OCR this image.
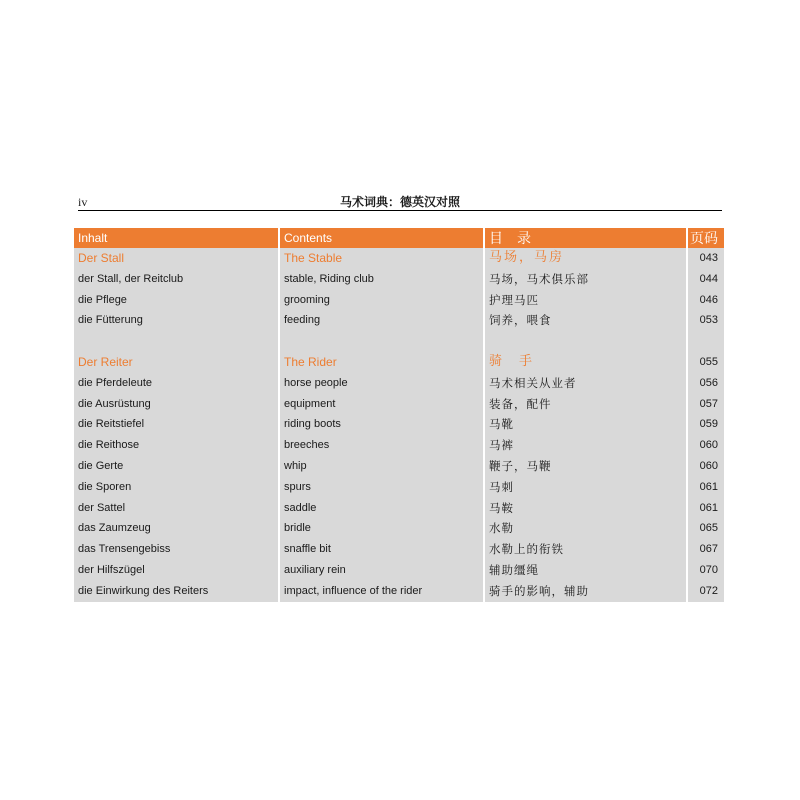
iv	马术词典：德英汉对照
Inhalt	Contents	目　录	页码
Der Stall	The Stable	马场，马房	043
der Stall, der Reitclub	stable, Riding club	马场，马术俱乐部	044
die Pflege	grooming	护理马匹	046
die Fütterung	feeding	饲养，喂食	053

Der Reiter	The Rider	骑　手	055
die Pferdeleute	horse people	马术相关从业者	056
die Ausrüstung	equipment	装备，配件	057
die Reitstiefel	riding boots	马靴	059
die Reithose	breeches	马裤	060
die Gerte	whip	鞭子，马鞭	060
die Sporen	spurs	马刺	061
der Sattel	saddle	马鞍	061
das Zaumzeug	bridle	水勒	065
das Trensengebiss	snaffle bit	水勒上的衔铁	067
der Hilfszügel	auxiliary rein	辅助缰绳	070
die Einwirkung des Reiters	impact, influence of the rider	骑手的影响，辅助	072
